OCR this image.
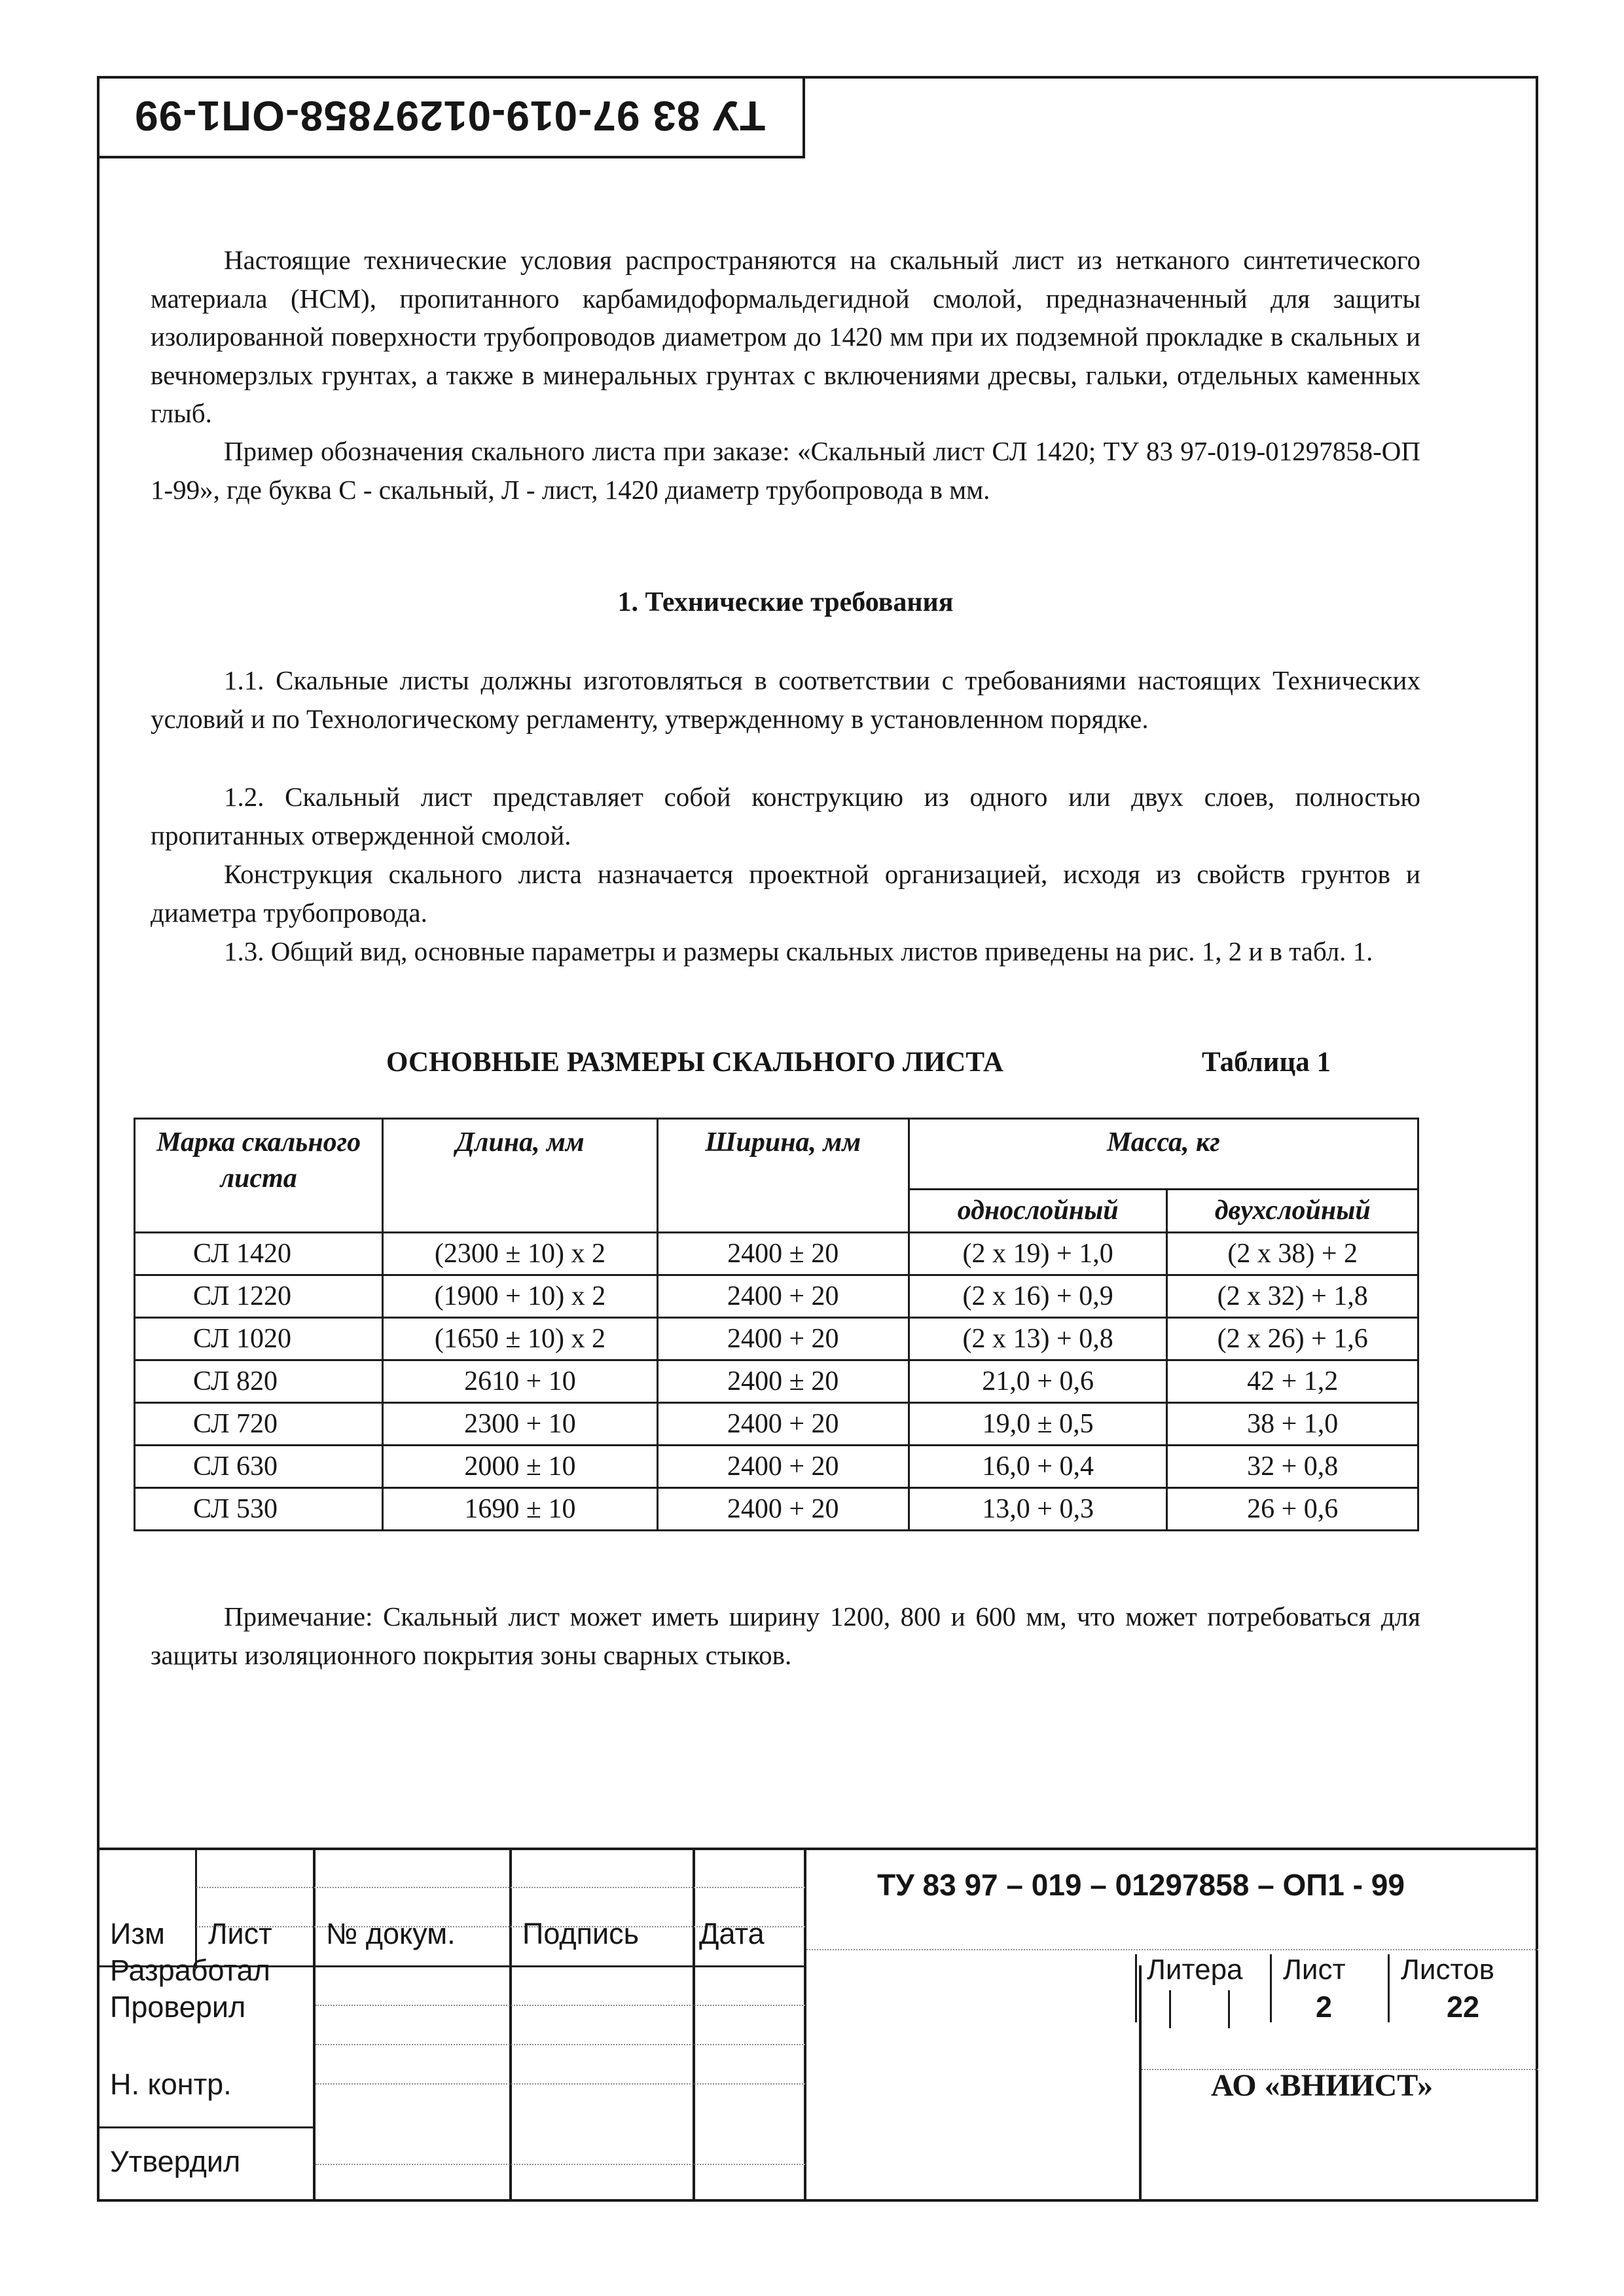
ТУ 83 97-019-01297858-ОП1-99

Настоящие технические условия распространяются на скальный лист из нетканого синтетического материала (НСМ), пропитанного карбамидоформальдегидной смолой, предназначенный для защиты изолированной поверхности трубопроводов диаметром до 1420 мм при их подземной прокладке в скальных и вечномерзлых грунтах, а также в минеральных грунтах с включениями дресвы, гальки, отдельных каменных глыб.

Пример обозначения скального листа при заказе: «Скальный лист СЛ 1420; ТУ 83 97-019-01297858-ОП 1-99», где буква С - скальный, Л - лист, 1420 диаметр трубопровода в мм.

1. Технические требования

1.1. Скальные листы должны изготовляться в соответствии с требованиями настоящих Технических условий и по Технологическому регламенту, утвержденному в установленном порядке.

1.2. Скальный лист представляет собой конструкцию из одного или двух слоев, полностью пропитанных отвержденной смолой.

Конструкция скального листа назначается проектной организацией, исходя из свойств грунтов и диаметра трубопровода.

1.3. Общий вид, основные параметры и размеры скальных листов приведены на рис. 1, 2 и в табл. 1.

ОСНОВНЫЕ РАЗМЕРЫ СКАЛЬНОГО ЛИСТА	Таблица 1
Марка скального листа	Длина, мм	Ширина, мм	Масса, кг	
			однослойный	двухслойный
СЛ 1420	(2300 ± 10) x 2	2400 ± 20	(2 x 19) + 1,0	(2 x 38) + 2
СЛ 1220	(1900 + 10) x 2	2400 + 20	(2 x 16) + 0,9	(2 x 32) + 1,8
СЛ 1020	(1650 ± 10) x 2	2400 + 20	(2 x 13) + 0,8	(2 x 26) + 1,6
СЛ 820	2610 + 10	2400 ± 20	21,0 + 0,6	42 + 1,2
СЛ 720	2300 + 10	2400 + 20	19,0 ± 0,5	38 + 1,0
СЛ 630	2000 ± 10	2400 + 20	16,0 + 0,4	32 + 0,8
СЛ 530	1690 ± 10	2400 + 20	13,0 + 0,3	26 + 0,6

Примечание: Скальный лист может иметь ширину 1200, 800 и 600 мм, что может потребоваться для защиты изоляционного покрытия зоны сварных стыков.

ТУ 83 97 – 019 – 01297858 – ОП1 - 99
Изм Лист № докум. Подпись Дата
Разработал
Проверил
Н. контр.
Утвердил
Литера Лист Листов
2	22
АО «ВНИИСТ»
